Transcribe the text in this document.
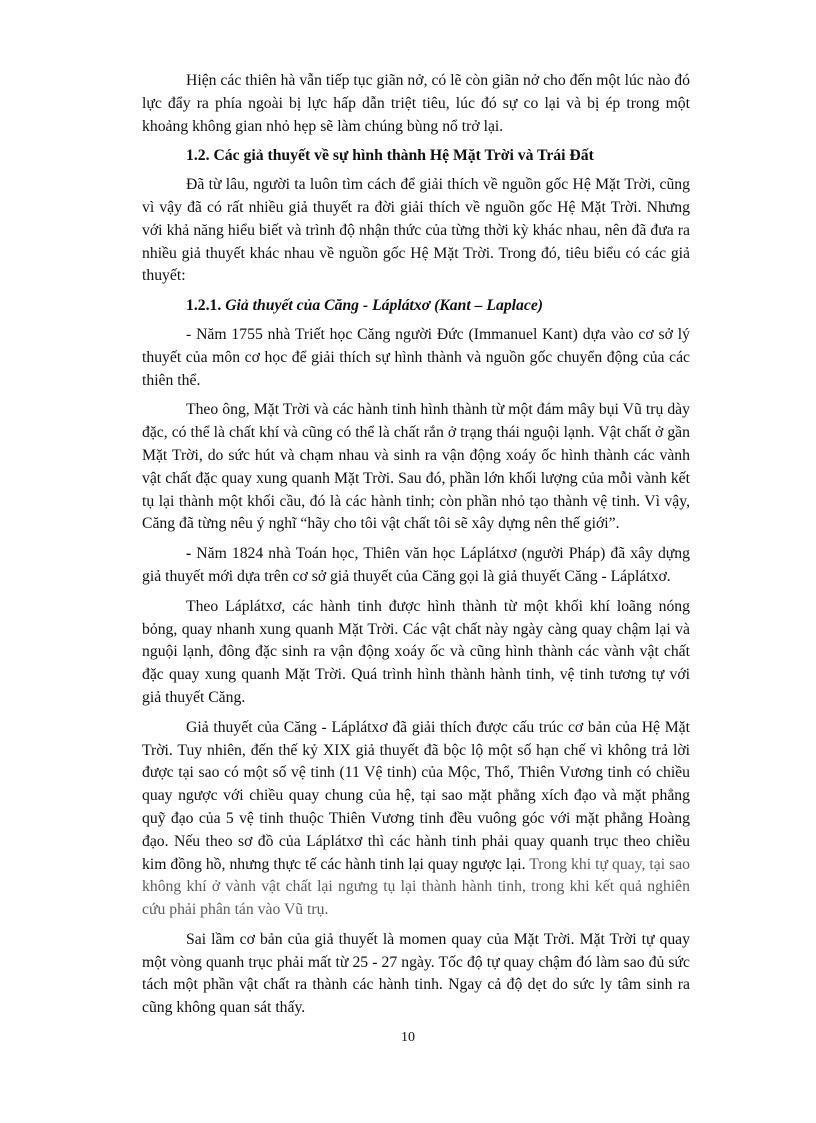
Hiện các thiên hà vẫn tiếp tục giãn nở, có lẽ còn giãn nở cho đến một lúc nào đó lực đẩy ra phía ngoài bị lực hấp dẫn triệt tiêu, lúc đó sự co lại và bị ép trong một khoảng không gian nhỏ hẹp sẽ làm chúng bùng nổ trở lại.

1.2. Các giả thuyết về sự hình thành Hệ Mặt Trời và Trái Đất

Đã từ lâu, người ta luôn tìm cách để giải thích về nguồn gốc Hệ Mặt Trời, cũng vì vậy đã có rất nhiều giả thuyết ra đời giải thích về nguồn gốc Hệ Mặt Trời. Nhưng với khả năng hiểu biết và trình độ nhận thức của từng thời kỳ khác nhau, nên đã đưa ra nhiều giả thuyết khác nhau về nguồn gốc Hệ Mặt Trời. Trong đó, tiêu biểu có các giả thuyết:

1.2.1. Giả thuyết của Căng - Láplátxơ (Kant – Laplace)

- Năm 1755 nhà Triết học Căng người Đức (Immanuel Kant) dựa vào cơ sở lý thuyết của môn cơ học để giải thích sự hình thành và nguồn gốc chuyển động của các thiên thể.

Theo ông, Mặt Trời và các hành tinh hình thành từ một đám mây bụi Vũ trụ dày đặc, có thể là chất khí và cũng có thể là chất rắn ở trạng thái nguội lạnh. Vật chất ở gần Mặt Trời, do sức hút và chạm nhau và sinh ra vận động xoáy ốc hình thành các vành vật chất đặc quay xung quanh Mặt Trời. Sau đó, phần lớn khối lượng của mỗi vành kết tụ lại thành một khối cầu, đó là các hành tinh; còn phần nhỏ tạo thành vệ tinh. Vì vậy, Căng đã từng nêu ý nghĩ “hãy cho tôi vật chất tôi sẽ xây dựng nên thế giới”.

- Năm 1824 nhà Toán học, Thiên văn học Láplátxơ (người Pháp) đã xây dựng giả thuyết mới dựa trên cơ sở giả thuyết của Căng gọi là giả thuyết Căng - Láplátxơ.

Theo Láplátxơ, các hành tinh được hình thành từ một khối khí loãng nóng bỏng, quay nhanh xung quanh Mặt Trời. Các vật chất này ngày càng quay chậm lại và nguội lạnh, đông đặc sinh ra vận động xoáy ốc và cũng hình thành các vành vật chất đặc quay xung quanh Mặt Trời. Quá trình hình thành hành tinh, vệ tinh tương tự với giả thuyết Căng.

Giả thuyết của Căng - Láplátxơ đã giải thích được cấu trúc cơ bản của Hệ Mặt Trời. Tuy nhiên, đến thế kỷ XIX giả thuyết đã bộc lộ một số hạn chế vì không trả lời được tại sao có một số vệ tinh (11 Vệ tinh) của Mộc, Thổ, Thiên Vương tinh có chiều quay ngược với chiều quay chung của hệ, tại sao mặt phẳng xích đạo và mặt phẳng quỹ đạo của 5 vệ tinh thuộc Thiên Vương tinh đều vuông góc với mặt phẳng Hoàng đạo. Nếu theo sơ đồ của Láplátxơ thì các hành tinh phải quay quanh trục theo chiều kim đồng hồ, nhưng thực tế các hành tinh lại quay ngược lại. Trong khi tự quay, tại sao không khí ở vành vật chất lại ngưng tụ lại thành hành tinh, trong khi kết quả nghiên cứu phải phân tán vào Vũ trụ.

Sai lầm cơ bản của giả thuyết là momen quay của Mặt Trời. Mặt Trời tự quay một vòng quanh trục phải mất từ 25 - 27 ngày. Tốc độ tự quay chậm đó làm sao đủ sức tách một phần vật chất ra thành các hành tinh. Ngay cả độ dẹt do sức ly tâm sinh ra cũng không quan sát thấy.

10
